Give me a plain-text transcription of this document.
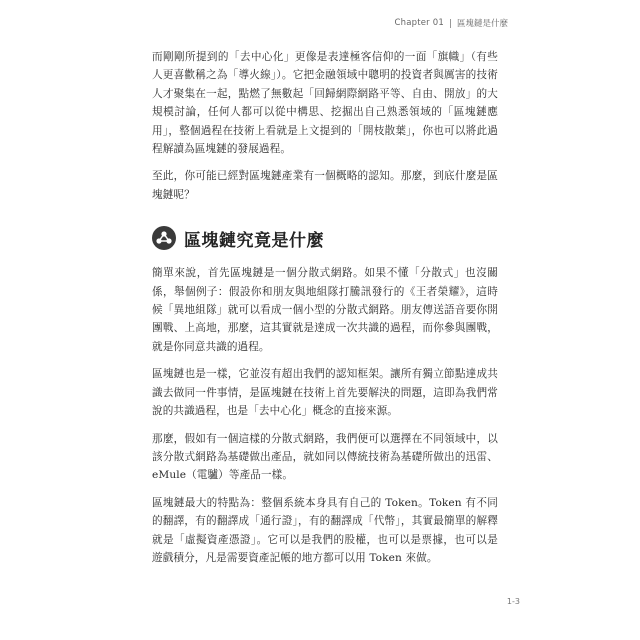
Chapter 01 區塊鏈是什麼

而剛剛所提到的「去中心化」更像是表達極客信仰的一面「旗幟」（有些人更喜歡稱之為「導火線」）。它把金融領域中聰明的投資者與厲害的技術人才聚集在一起，點燃了無數起「回歸網際網路平等、自由、開放」的大規模討論，任何人都可以從中構思、挖掘出自己熟悉領域的「區塊鏈應用」，整個過程在技術上看就是上文提到的「開枝散葉」，你也可以將此過程解讀為區塊鏈的發展過程。

至此，你可能已經對區塊鏈產業有一個概略的認知。那麼，到底什麼是區塊鏈呢？

區塊鏈究竟是什麼

簡單來說，首先區塊鏈是一個分散式網路。如果不懂「分散式」也沒關係，舉個例子：假設你和朋友與地組隊打騰訊發行的《王者榮耀》，這時候「異地組隊」就可以看成一個小型的分散式網路。朋友傳送語音要你開團戰、上高地，那麼，這其實就是達成一次共識的過程，而你參與團戰，就是你同意共識的過程。

區塊鏈也是一樣，它並沒有超出我們的認知框架。讓所有獨立節點達成共識去做同一件事情，是區塊鏈在技術上首先要解決的問題，這即為我們常說的共識過程，也是「去中心化」概念的直接來源。

那麼，假如有一個這樣的分散式網路，我們便可以選擇在不同領域中，以該分散式網路為基礎做出產品，就如同以傳統技術為基礎所做出的迅雷、eMule（電驢）等產品一樣。

區塊鏈最大的特點為：整個系統本身具有自己的 Token。Token 有不同的翻譯，有的翻譯成「通行證」，有的翻譯成「代幣」，其實最簡單的解釋就是「虛擬資產憑證」。它可以是我們的股權，也可以是票據，也可以是遊戲積分，凡是需要資產記帳的地方都可以用 Token 來做。

1-3
